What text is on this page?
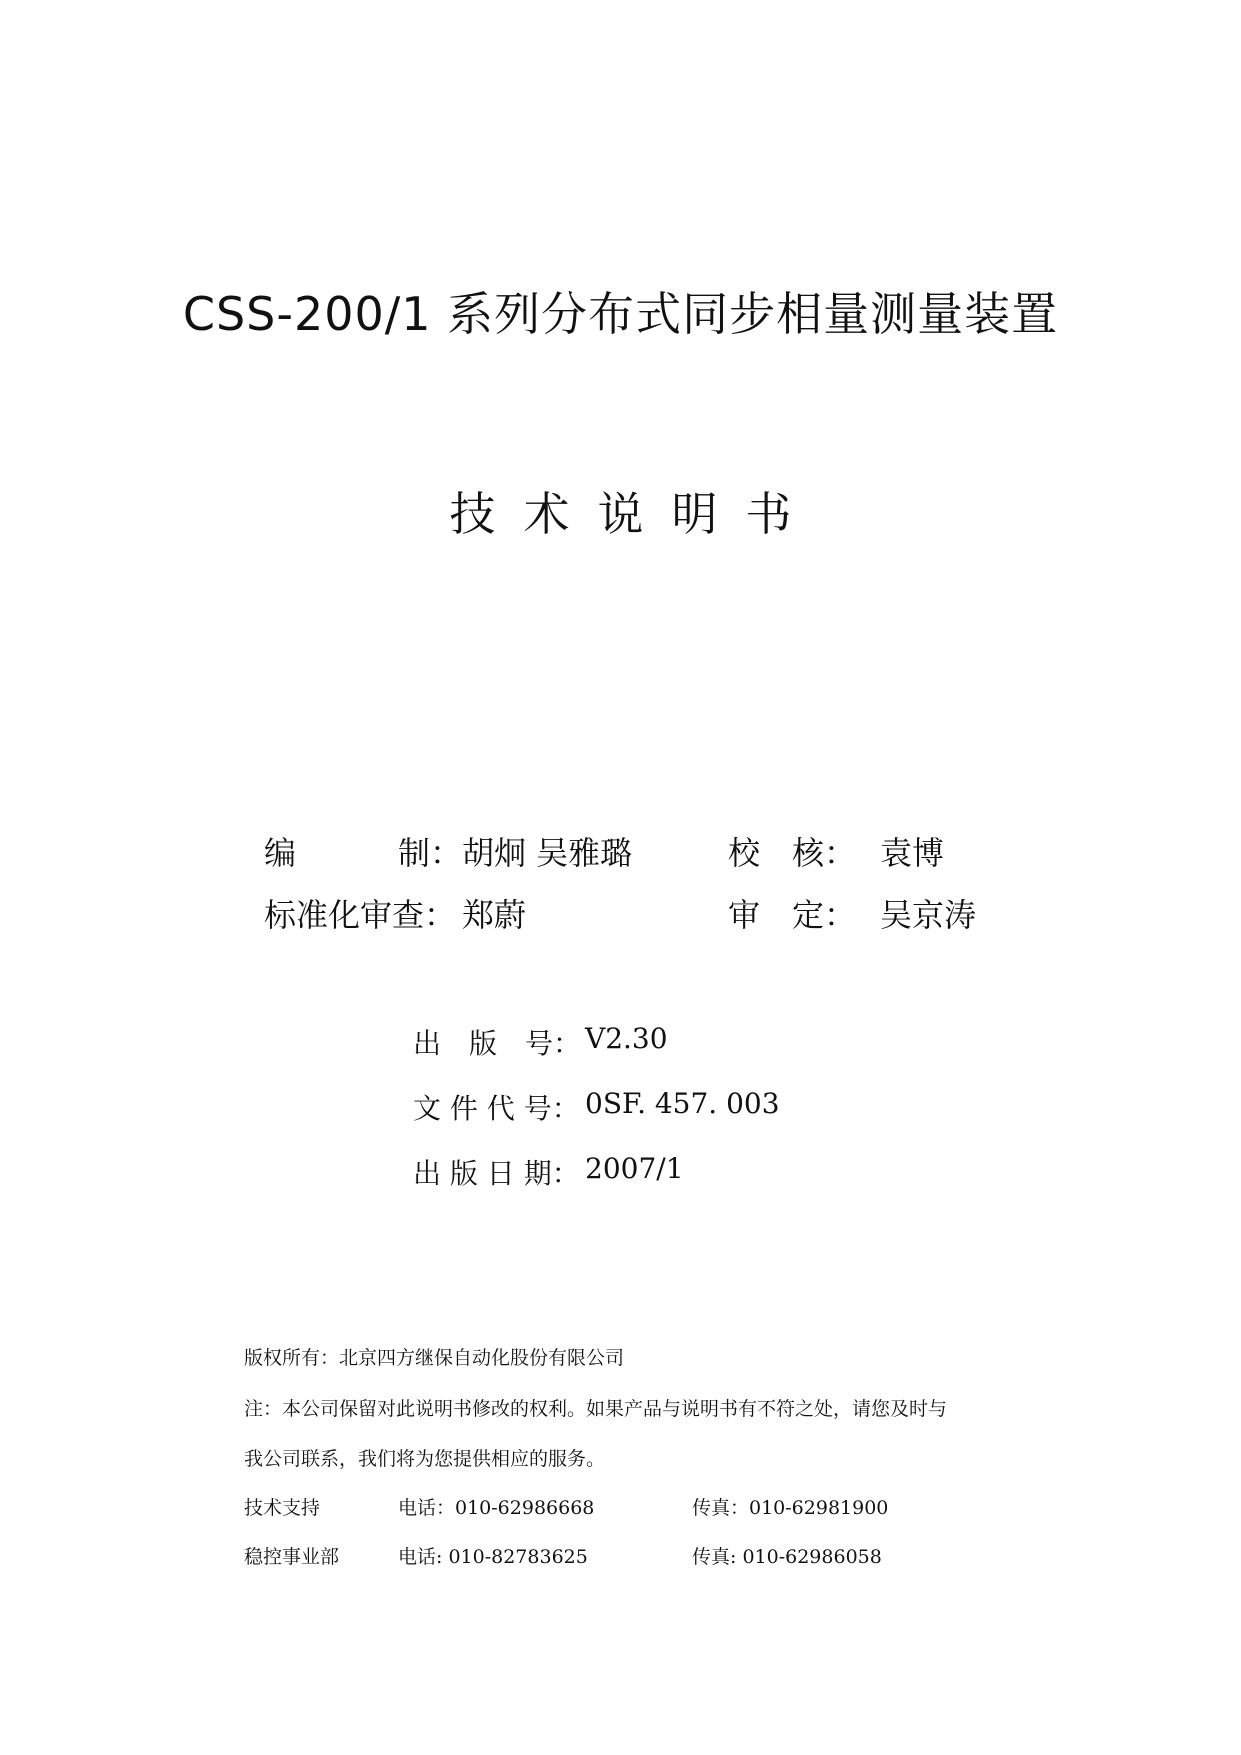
CSS-200/1 系列分布式同步相量测量装置
技术说明书
编	制： 胡炯 吴雅璐	校　核： 袁博
标准化审查： 郑蔚	审　定： 吴京涛
出　版　号： V2.30
文 件 代 号： 0SF. 457. 003
出 版 日 期： 2007/1
版权所有：北京四方继保自动化股份有限公司
注：本公司保留对此说明书修改的权利。如果产品与说明书有不符之处，请您及时与
我公司联系，我们将为您提供相应的服务。
技术支持	电话：010-62986668	传真：010-62981900
稳控事业部	电话: 010-82783625	传真: 010-62986058
